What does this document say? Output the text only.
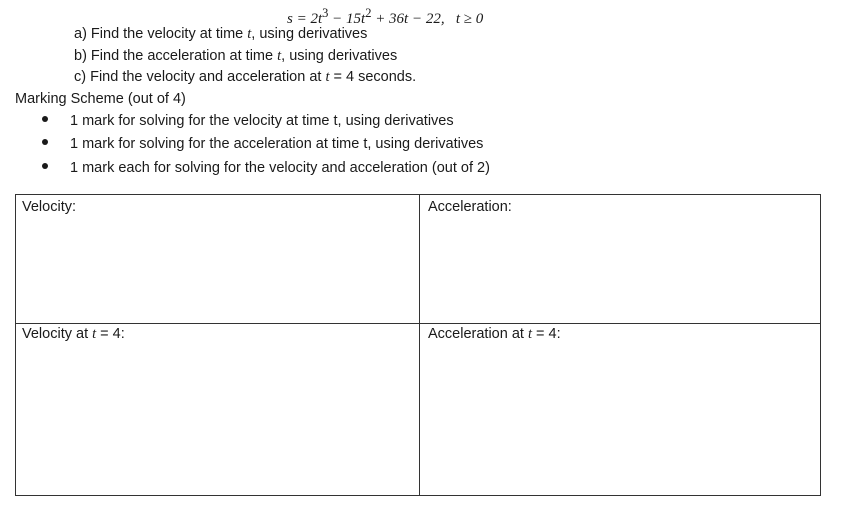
$s = 2t^3 - 15t^2 + 36t - 22$, t ≥ 0
a) Find the velocity at time t, using derivatives
b) Find the acceleration at time t, using derivatives
c) Find the velocity and acceleration at t = 4 seconds.
Marking Scheme (out of 4)
1 mark for solving for the velocity at time t, using derivatives
1 mark for solving for the acceleration at time t, using derivatives
1 mark each for solving for the velocity and acceleration (out of 2)
Velocity:	Acceleration:
Velocity at t = 4:	Acceleration at t = 4:
